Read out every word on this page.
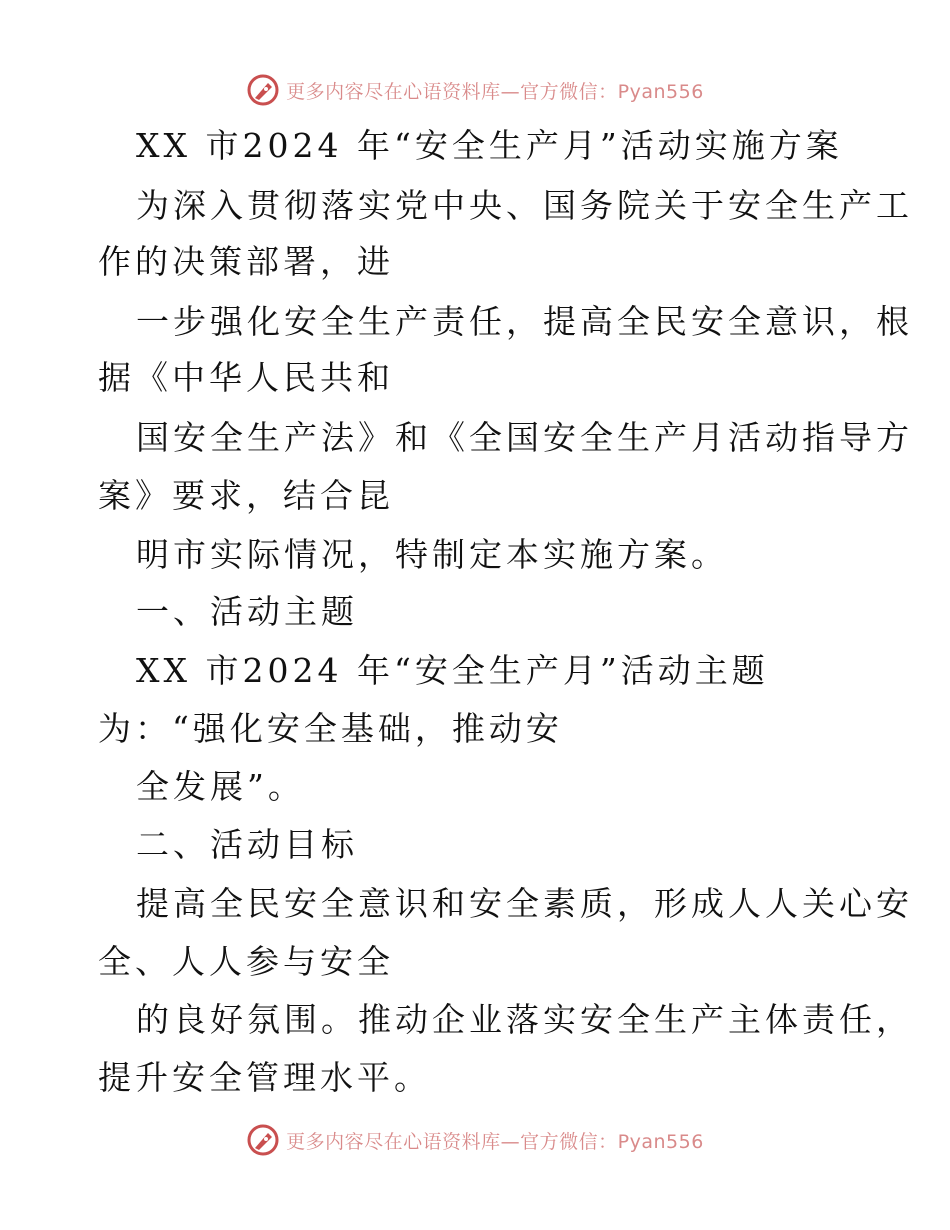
更多内容尽在心语资料库—官方微信：Pyan556
XX 市2024 年“安全生产月”活动实施方案
为深入贯彻落实党中央、国务院关于安全生产工
作的决策部署，进
一步强化安全生产责任，提高全民安全意识，根
据《中华人民共和
国安全生产法》和《全国安全生产月活动指导方
案》要求，结合昆
明市实际情况，特制定本实施方案。
一、活动主题
XX 市2024 年“安全生产月”活动主题
为：“强化安全基础，推动安
全发展”。
二、活动目标
提高全民安全意识和安全素质，形成人人关心安
全、人人参与安全
的良好氛围。推动企业落实安全生产主体责任，
提升安全管理水平。
更多内容尽在心语资料库—官方微信：Pyan556
